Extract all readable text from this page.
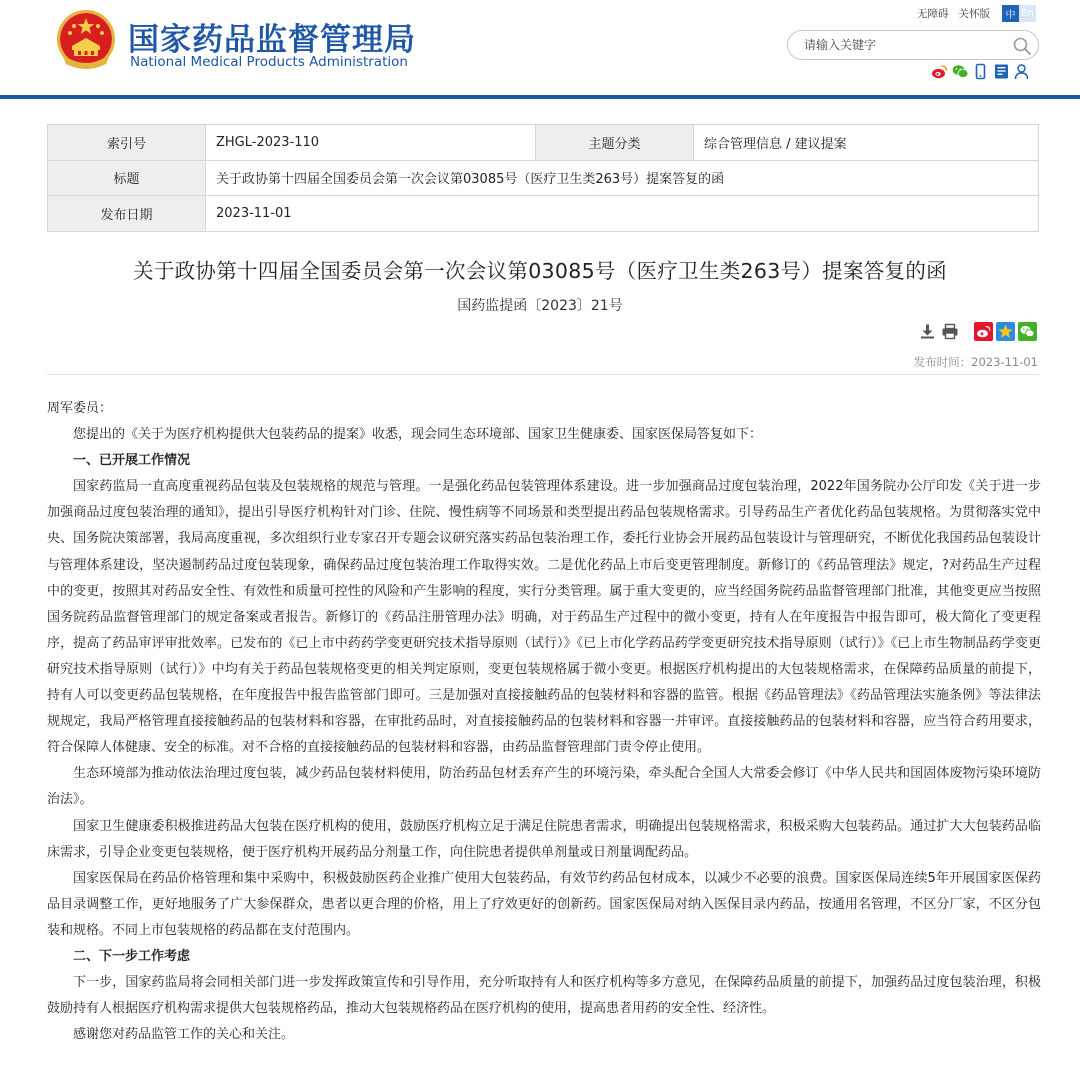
国家药品监督管理局
National Medical Products Administration
无障碍 关怀版	中 En
请输入关键字
索引号	ZHGL-2023-110	主题分类	综合管理信息 / 建议提案
标题	关于政协第十四届全国委员会第一次会议第03085号（医疗卫生类263号）提案答复的函		
发布日期	2023-11-01		
关于政协第十四届全国委员会第一次会议第03085号（医疗卫生类263号）提案答复的函
国药监提函〔2023〕21号
发布时间：2023-11-01

周军委员：

您提出的《关于为医疗机构提供大包装药品的提案》收悉，现会同生态环境部、国家卫生健康委、国家医保局答复如下：

一、已开展工作情况

国家药监局一直高度重视药品包装及包装规格的规范与管理。一是强化药品包装管理体系建设。进一步加强商品过度包装治理，2022年国务院办公厅印发《关于进一步加强商品过度包装治理的通知》，提出引导医疗机构针对门诊、住院、慢性病等不同场景和类型提出药品包装规格需求。引导药品生产者优化药品包装规格。为贯彻落实党中央、国务院决策部署，我局高度重视，多次组织行业专家召开专题会议研究落实药品包装治理工作，委托行业协会开展药品包装设计与管理研究，不断优化我国药品包装设计与管理体系建设，坚决遏制药品过度包装现象，确保药品过度包装治理工作取得实效。二是优化药品上市后变更管理制度。新修订的《药品管理法》规定，?对药品生产过程中的变更，按照其对药品安全性、有效性和质量可控性的风险和产生影响的程度，实行分类管理。属于重大变更的，应当经国务院药品监督管理部门批准，其他变更应当按照国务院药品监督管理部门的规定备案或者报告。新修订的《药品注册管理办法》明确，对于药品生产过程中的微小变更，持有人在年度报告中报告即可，极大简化了变更程序，提高了药品审评审批效率。已发布的《已上市中药药学变更研究技术指导原则（试行）》《已上市化学药品药学变更研究技术指导原则（试行）》《已上市生物制品药学变更研究技术指导原则（试行）》中均有关于药品包装规格变更的相关判定原则，变更包装规格属于微小变更。根据医疗机构提出的大包装规格需求，在保障药品质量的前提下，持有人可以变更药品包装规格，在年度报告中报告监管部门即可。三是加强对直接接触药品的包装材料和容器的监管。根据《药品管理法》《药品管理法实施条例》等法律法规规定，我局严格管理直接接触药品的包装材料和容器，在审批药品时，对直接接触药品的包装材料和容器一并审评。直接接触药品的包装材料和容器，应当符合药用要求，符合保障人体健康、安全的标准。对不合格的直接接触药品的包装材料和容器，由药品监督管理部门责令停止使用。

生态环境部为推动依法治理过度包装，减少药品包装材料使用，防治药品包材丢弃产生的环境污染，牵头配合全国人大常委会修订《中华人民共和国固体废物污染环境防治法》。

国家卫生健康委积极推进药品大包装在医疗机构的使用，鼓励医疗机构立足于满足住院患者需求，明确提出包装规格需求，积极采购大包装药品。通过扩大大包装药品临床需求，引导企业变更包装规格，便于医疗机构开展药品分剂量工作，向住院患者提供单剂量或日剂量调配药品。

国家医保局在药品价格管理和集中采购中，积极鼓励医药企业推广使用大包装药品，有效节约药品包材成本，以减少不必要的浪费。国家医保局连续5年开展国家医保药品目录调整工作，更好地服务了广大参保群众，患者以更合理的价格，用上了疗效更好的创新药。国家医保局对纳入医保目录内药品，按通用名管理，不区分厂家，不区分包装和规格。不同上市包装规格的药品都在支付范围内。

二、下一步工作考虑

下一步，国家药监局将会同相关部门进一步发挥政策宣传和引导作用，充分听取持有人和医疗机构等多方意见，在保障药品质量的前提下，加强药品过度包装治理，积极鼓励持有人根据医疗机构需求提供大包装规格药品，推动大包装规格药品在医疗机构的使用，提高患者用药的安全性、经济性。

感谢您对药品监管工作的关心和关注。
